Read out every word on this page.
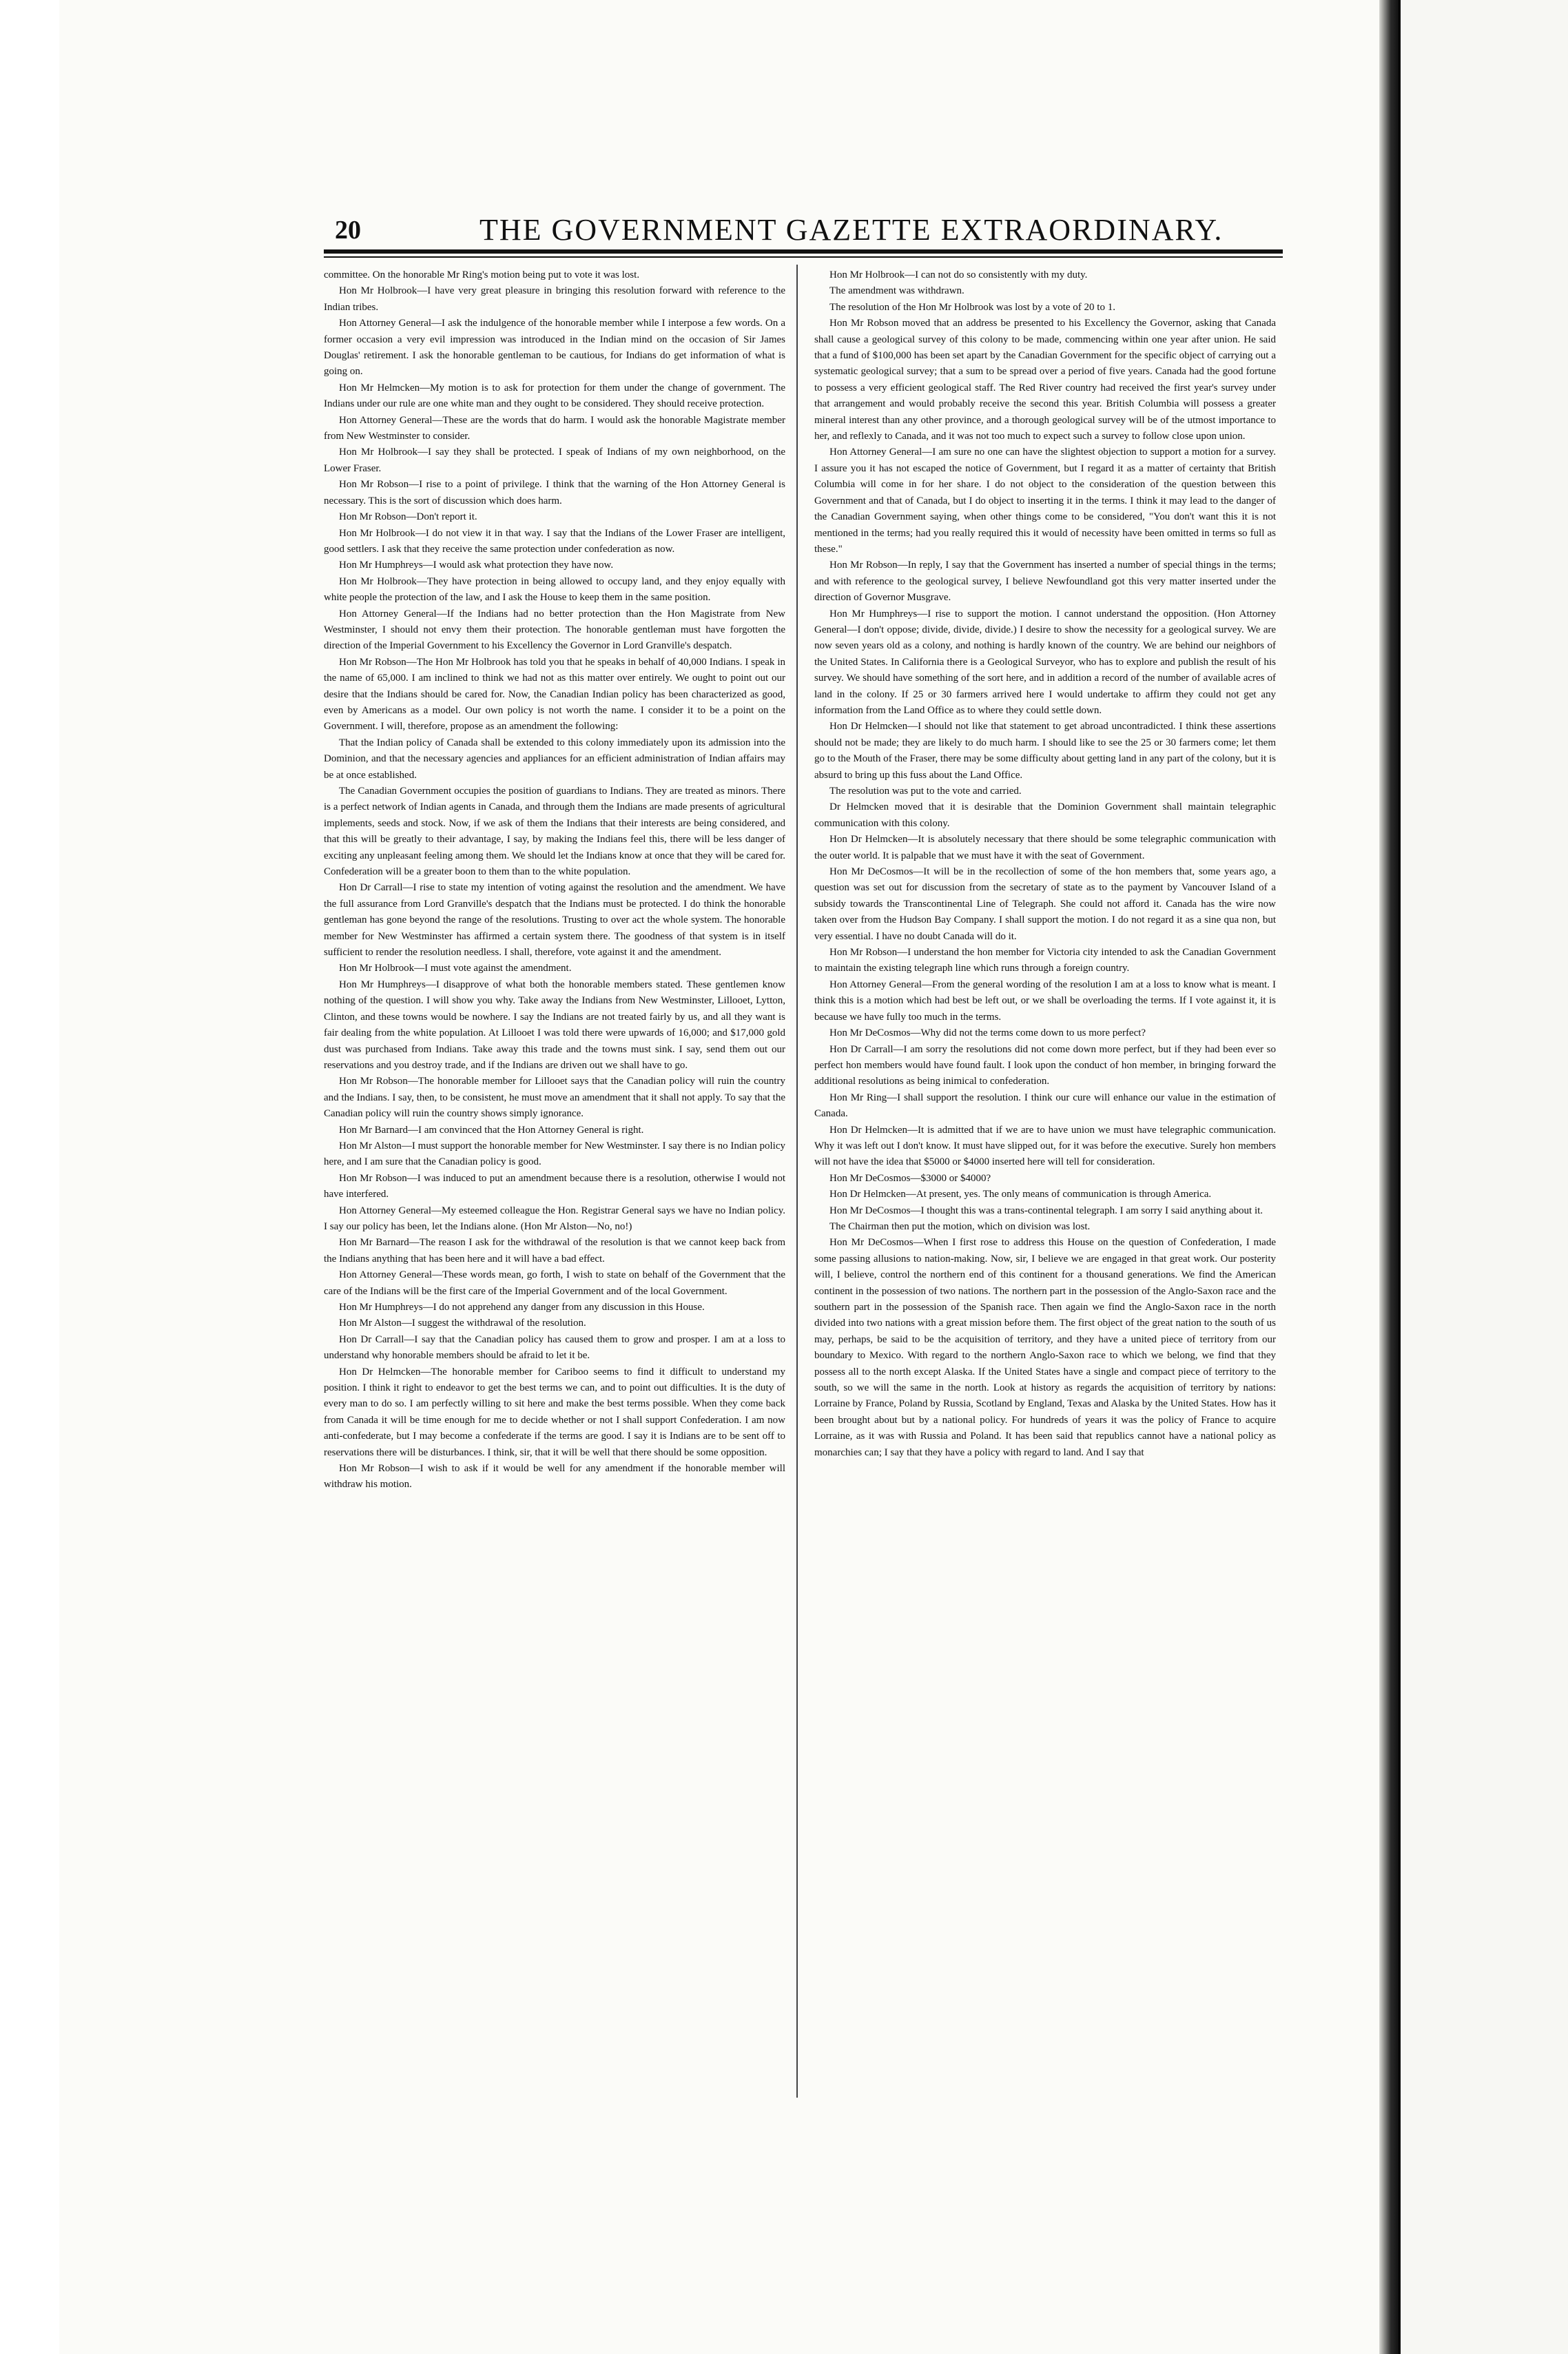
20	THE GOVERNMENT GAZETTE EXTRAORDINARY.

committee. On the honorable Mr Ring's motion being put to vote it was lost.

Hon Mr Holbrook—I have very great pleasure in bringing this resolution forward with reference to the Indian tribes.

Hon Attorney General—I ask the indulgence of the honorable member while I interpose a few words. On a former occasion a very evil impression was introduced in the Indian mind on the occasion of Sir James Douglas' retirement. I ask the honorable gentleman to be cautious, for Indians do get information of what is going on.

Hon Mr Helmcken—My motion is to ask for protection for them under the change of government. The Indians under our rule are one white man and they ought to be considered. They should receive protection.

Hon Attorney General—These are the words that do harm. I would ask the honorable Magistrate member from New Westminster to consider.

Hon Mr Holbrook—I say they shall be protected. I speak of Indians of my own neighborhood, on the Lower Fraser.

Hon Mr Robson—I rise to a point of privilege. I think that the warning of the Hon Attorney General is necessary. This is the sort of discussion which does harm.

Hon Mr Robson—Don't report it.

Hon Mr Holbrook—I do not view it in that way. I say that the Indians of the Lower Fraser are intelligent, good settlers. I ask that they receive the same protection under confederation as now.

Hon Mr Humphreys—I would ask what protection they have now.

Hon Mr Holbrook—They have protection in being allowed to occupy land, and they enjoy equally with white people the protection of the law, and I ask the House to keep them in the same position.

Hon Attorney General—If the Indians had no better protection than the Hon Magistrate from New Westminster, I should not envy them their protection. The honorable gentleman must have forgotten the direction of the Imperial Government to his Excellency the Governor in Lord Granville's despatch.

Hon Mr Robson—The Hon Mr Holbrook has told you that he speaks in behalf of 40,000 Indians. I speak in the name of 65,000. I am inclined to think we had not as this matter over entirely. We ought to point out our desire that the Indians should be cared for. Now, the Canadian Indian policy has been characterized as good, even by Americans as a model. Our own policy is not worth the name. I consider it to be a point on the Government. I will, therefore, propose as an amendment the following:

That the Indian policy of Canada shall be extended to this colony immediately upon its admission into the Dominion, and that the necessary agencies and appliances for an efficient administration of Indian affairs may be at once established.

The Canadian Government occupies the position of guardians to Indians. They are treated as minors. There is a perfect network of Indian agents in Canada, and through them the Indians are made presents of agricultural implements, seeds and stock. Now, if we ask of them the Indians that their interests are being considered, and that this will be greatly to their advantage, I say, by making the Indians feel this, there will be less danger of exciting any unpleasant feeling among them. We should let the Indians know at once that they will be cared for. Confederation will be a greater boon to them than to the white population.

Hon Dr Carrall—I rise to state my intention of voting against the resolution and the amendment. We have the full assurance from Lord Granville's despatch that the Indians must be protected. I do think the honorable gentleman has gone beyond the range of the resolutions. Trusting to over act the whole system. The honorable member for New Westminster has affirmed a certain system there. The goodness of that system is in itself sufficient to render the resolution needless. I shall, therefore, vote against it and the amendment.

Hon Mr Holbrook—I must vote against the amendment.

Hon Mr Humphreys—I disapprove of what both the honorable members stated. These gentlemen know nothing of the question. I will show you why. Take away the Indians from New Westminster, Lillooet, Lytton, Clinton, and these towns would be nowhere. I say the Indians are not treated fairly by us, and all they want is fair dealing from the white population. At Lillooet I was told there were upwards of 16,000; and $17,000 gold dust was purchased from Indians. Take away this trade and the towns must sink. I say, send them out our reservations and you destroy trade, and if the Indians are driven out we shall have to go.

Hon Mr Robson—The honorable member for Lillooet says that the Canadian policy will ruin the country and the Indians. I say, then, to be consistent, he must move an amendment that it shall not apply. To say that the Canadian policy will ruin the country shows simply ignorance.

Hon Mr Barnard—I am convinced that the Hon Attorney General is right.

Hon Mr Alston—I must support the honorable member for New Westminster. I say there is no Indian policy here, and I am sure that the Canadian policy is good.

Hon Mr Robson—I was induced to put an amendment because there is a resolution, otherwise I would not have interfered.

Hon Attorney General—My esteemed colleague the Hon. Registrar General says we have no Indian policy. I say our policy has been, let the Indians alone. (Hon Mr Alston—No, no!)

Hon Mr Barnard—The reason I ask for the withdrawal of the resolution is that we cannot keep back from the Indians anything that has been here and it will have a bad effect.

Hon Attorney General—These words mean, go forth, I wish to state on behalf of the Government that the care of the Indians will be the first care of the Imperial Government and of the local Government.

Hon Mr Humphreys—I do not apprehend any danger from any discussion in this House.

Hon Mr Alston—I suggest the withdrawal of the resolution.

Hon Dr Carrall—I say that the Canadian policy has caused them to grow and prosper. I am at a loss to understand why honorable members should be afraid to let it be.

Hon Dr Helmcken—The honorable member for Cariboo seems to find it difficult to understand my position. I think it right to endeavor to get the best terms we can, and to point out difficulties. It is the duty of every man to do so. I am perfectly willing to sit here and make the best terms possible. When they come back from Canada it will be time enough for me to decide whether or not I shall support Confederation. I am now anti-confederate, but I may become a confederate if the terms are good. I say it is Indians are to be sent off to reservations there will be disturbances. I think, sir, that it will be well that there should be some opposition.

Hon Mr Robson—I wish to ask if it would be well for any amendment if the honorable member will withdraw his motion.

Hon Mr Holbrook—I can not do so consistently with my duty.

The amendment was withdrawn.

The resolution of the Hon Mr Holbrook was lost by a vote of 20 to 1.

Hon Mr Robson moved that an address be presented to his Excellency the Governor, asking that Canada shall cause a geological survey of this colony to be made, commencing within one year after union. He said that a fund of $100,000 has been set apart by the Canadian Government for the specific object of carrying out a systematic geological survey; that a sum to be spread over a period of five years. Canada had the good fortune to possess a very efficient geological staff. The Red River country had received the first year's survey under that arrangement and would probably receive the second this year. British Columbia will possess a greater mineral interest than any other province, and a thorough geological survey will be of the utmost importance to her, and reflexly to Canada, and it was not too much to expect such a survey to follow close upon union.

Hon Attorney General—I am sure no one can have the slightest objection to support a motion for a survey. I assure you it has not escaped the notice of Government, but I regard it as a matter of certainty that British Columbia will come in for her share. I do not object to the consideration of the question between this Government and that of Canada, but I do object to inserting it in the terms. I think it may lead to the danger of the Canadian Government saying, when other things come to be considered, "You don't want this it is not mentioned in the terms; had you really required this it would of necessity have been omitted in terms so full as these."

Hon Mr Robson—In reply, I say that the Government has inserted a number of special things in the terms; and with reference to the geological survey, I believe Newfoundland got this very matter inserted under the direction of Governor Musgrave.

Hon Mr Humphreys—I rise to support the motion. I cannot understand the opposition. (Hon Attorney General—I don't oppose; divide, divide, divide.) I desire to show the necessity for a geological survey. We are now seven years old as a colony, and nothing is hardly known of the country. We are behind our neighbors of the United States. In California there is a Geological Surveyor, who has to explore and publish the result of his survey. We should have something of the sort here, and in addition a record of the number of available acres of land in the colony. If 25 or 30 farmers arrived here I would undertake to affirm they could not get any information from the Land Office as to where they could settle down.

Hon Dr Helmcken—I should not like that statement to get abroad uncontradicted. I think these assertions should not be made; they are likely to do much harm. I should like to see the 25 or 30 farmers come; let them go to the Mouth of the Fraser, there may be some difficulty about getting land in any part of the colony, but it is absurd to bring up this fuss about the Land Office.

The resolution was put to the vote and carried.

Dr Helmcken moved that it is desirable that the Dominion Government shall maintain telegraphic communication with this colony.

Hon Dr Helmcken—It is absolutely necessary that there should be some telegraphic communication with the outer world. It is palpable that we must have it with the seat of Government.

Hon Mr DeCosmos—It will be in the recollection of some of the hon members that, some years ago, a question was set out for discussion from the secretary of state as to the payment by Vancouver Island of a subsidy towards the Transcontinental Line of Telegraph. She could not afford it. Canada has the wire now taken over from the Hudson Bay Company. I shall support the motion. I do not regard it as a sine qua non, but very essential. I have no doubt Canada will do it.

Hon Mr Robson—I understand the hon member for Victoria city intended to ask the Canadian Government to maintain the existing telegraph line which runs through a foreign country.

Hon Attorney General—From the general wording of the resolution I am at a loss to know what is meant. I think this is a motion which had best be left out, or we shall be overloading the terms. If I vote against it, it is because we have fully too much in the terms.

Hon Mr DeCosmos—Why did not the terms come down to us more perfect?

Hon Dr Carrall—I am sorry the resolutions did not come down more perfect, but if they had been ever so perfect hon members would have found fault. I look upon the conduct of hon member, in bringing forward the additional resolutions as being inimical to confederation.

Hon Mr Ring—I shall support the resolution. I think our cure will enhance our value in the estimation of Canada.

Hon Dr Helmcken—It is admitted that if we are to have union we must have telegraphic communication. Why it was left out I don't know. It must have slipped out, for it was before the executive. Surely hon members will not have the idea that $5000 or $4000 inserted here will tell for consideration.

Hon Mr DeCosmos—$3000 or $4000?

Hon Dr Helmcken—At present, yes. The only means of communication is through America.

Hon Mr DeCosmos—I thought this was a trans-continental telegraph. I am sorry I said anything about it.

The Chairman then put the motion, which on division was lost.

Hon Mr DeCosmos—When I first rose to address this House on the question of Confederation, I made some passing allusions to nation-making. Now, sir, I believe we are engaged in that great work. Our posterity will, I believe, control the northern end of this continent for a thousand generations. We find the American continent in the possession of two nations. The northern part in the possession of the Anglo-Saxon race and the southern part in the possession of the Spanish race. Then again we find the Anglo-Saxon race in the north divided into two nations with a great mission before them. The first object of the great nation to the south of us may, perhaps, be said to be the acquisition of territory, and they have a united piece of territory from our boundary to Mexico. With regard to the northern Anglo-Saxon race to which we belong, we find that they possess all to the north except Alaska. If the United States have a single and compact piece of territory to the south, so we will the same in the north. Look at history as regards the acquisition of territory by nations: Lorraine by France, Poland by Russia, Scotland by England, Texas and Alaska by the United States. How has it been brought about but by a national policy. For hundreds of years it was the policy of France to acquire Lorraine, as it was with Russia and Poland. It has been said that republics cannot have a national policy as monarchies can; I say that they have a policy with regard to land. And I say that
